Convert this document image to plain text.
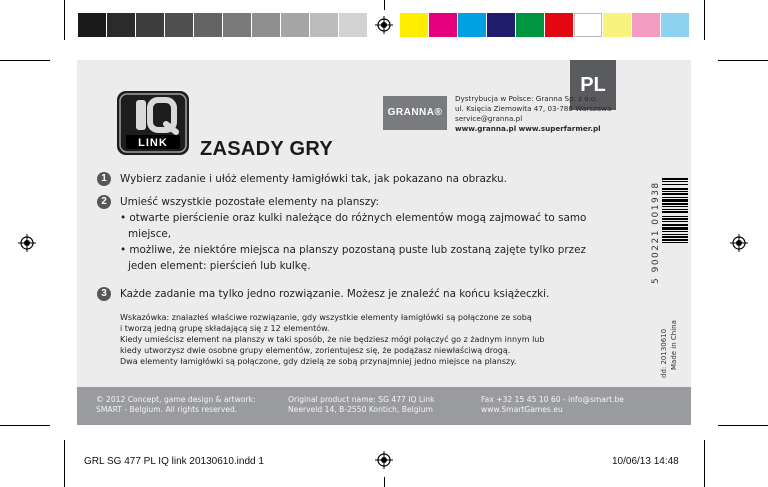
PL
IQ
LINK ZASADY GRY
GRANNA®
Dystrybucja w Polsce: Granna Sp. z o.o.
ul. Księcia Ziemowita 47, 03-788 Warszawa
service@granna.pl
www.granna.pl www.superfarmer.pl
1	Wybierz zadanie i ułóż elementy łamigłówki tak, jak pokazano na obrazku.
2	Umieść wszystkie pozostałe elementy na planszy:
• otwarte pierścienie oraz kulki należące do różnych elementów mogą zajmować to samo
miejsce,
• możliwe, że niektóre miejsca na planszy pozostaną puste lub zostaną zajęte tylko przez
jeden element: pierścień lub kulkę.
3	Każde zadanie ma tylko jedno rozwiązanie. Możesz je znaleźć na końcu książeczki.
Wskazówka: znalazłeś właściwe rozwiązanie, gdy wszystkie elementy łamigłówki są połączone ze sobą
i tworzą jedną grupę składającą się z 12 elementów.
Kiedy umieścisz element na planszy w taki sposób, że nie będziesz mógł połączyć go z żadnym innym lub
kiedy utworzysz dwie osobne grupy elementów, zorientujesz się, że podążasz niewłaściwą drogą.
Dwa elementy łamigłówki są połączone, gdy dzielą ze sobą przynajmniej jedno miejsce na planszy.
5 900221 001938
dd: 20130610 Made in China
© 2012 Concept, game design & artwork:
SMART - Belgium. All rights reserved.
Original product name: SG 477 IQ Link
Neerveld 14, B-2550 Kontich, Belgium
Fax +32 15 45 10 60 - info@smart.be
www.SmartGames.eu
GRL SG 477 PL IQ link 20130610.indd 1	10/06/13 14:48
